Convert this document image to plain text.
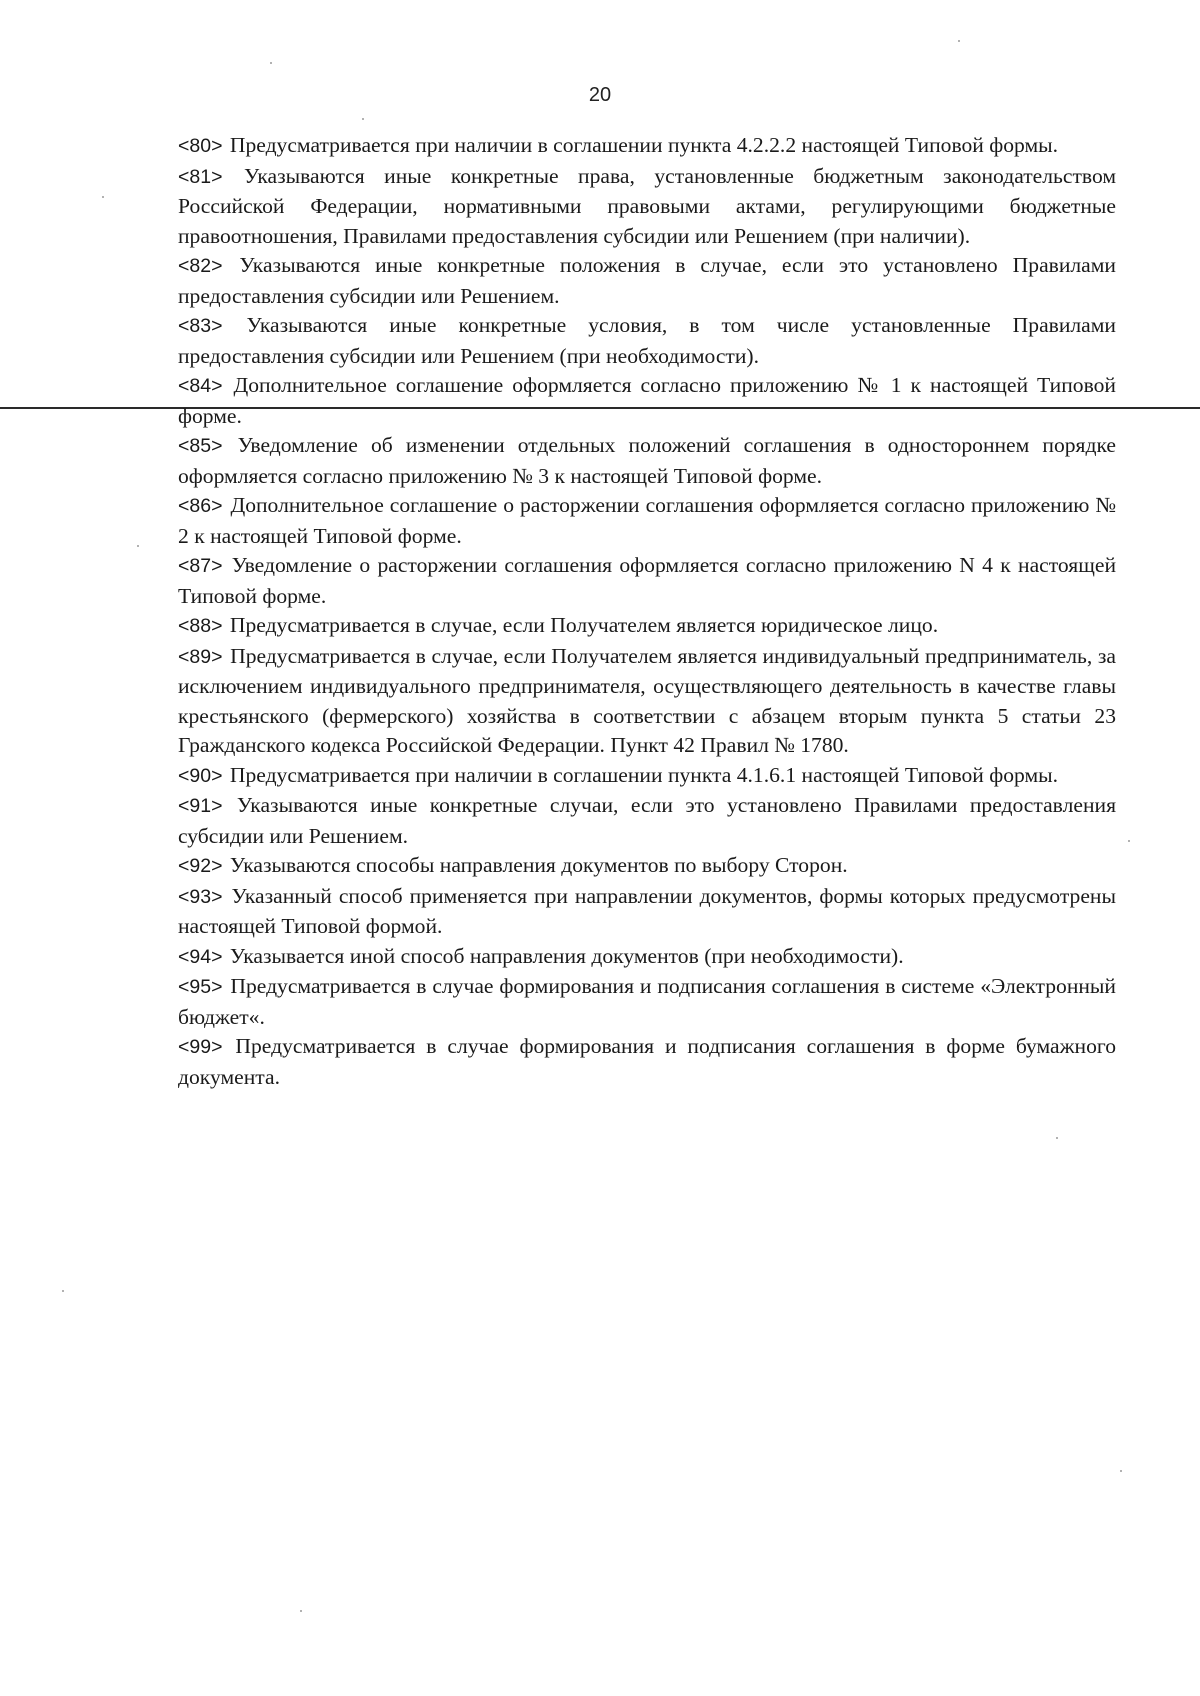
20

<80> Предусматривается при наличии в соглашении пункта 4.2.2.2 настоящей Типовой формы.

<81> Указываются иные конкретные права, установленные бюджетным законодательством Российской Федерации, нормативными правовыми актами, регулирующими бюджетные правоотношения, Правилами предоставления субсидии или Решением (при наличии).

<82> Указываются иные конкретные положения в случае, если это установлено Правилами предоставления субсидии или Решением.

<83> Указываются иные конкретные условия, в том числе установленные Правилами предоставления субсидии или Решением (при необходимости).

<84> Дополнительное соглашение оформляется согласно приложению № 1 к настоящей Типовой форме.

<85> Уведомление об изменении отдельных положений соглашения в одностороннем порядке оформляется согласно приложению № 3 к настоящей Типовой форме.

<86> Дополнительное соглашение о расторжении соглашения оформляется согласно приложению № 2 к настоящей Типовой форме.

<87> Уведомление о расторжении соглашения оформляется согласно приложению N 4 к настоящей Типовой форме.

<88> Предусматривается в случае, если Получателем является юридическое лицо.

<89> Предусматривается в случае, если Получателем является индивидуальный предприниматель, за исключением индивидуального предпринимателя, осуществляющего деятельность в качестве главы крестьянского (фермерского) хозяйства в соответствии с абзацем вторым пункта 5 статьи 23 Гражданского кодекса Российской Федерации. Пункт 42 Правил № 1780.

<90> Предусматривается при наличии в соглашении пункта 4.1.6.1 настоящей Типовой формы.

<91> Указываются иные конкретные случаи, если это установлено Правилами предоставления субсидии или Решением.

<92> Указываются способы направления документов по выбору Сторон.

<93> Указанный способ применяется при направлении документов, формы которых предусмотрены настоящей Типовой формой.

<94> Указывается иной способ направления документов (при необходимости).

<95> Предусматривается в случае формирования и подписания соглашения в системе «Электронный бюджет«.

<99> Предусматривается в случае формирования и подписания соглашения в форме бумажного документа.
